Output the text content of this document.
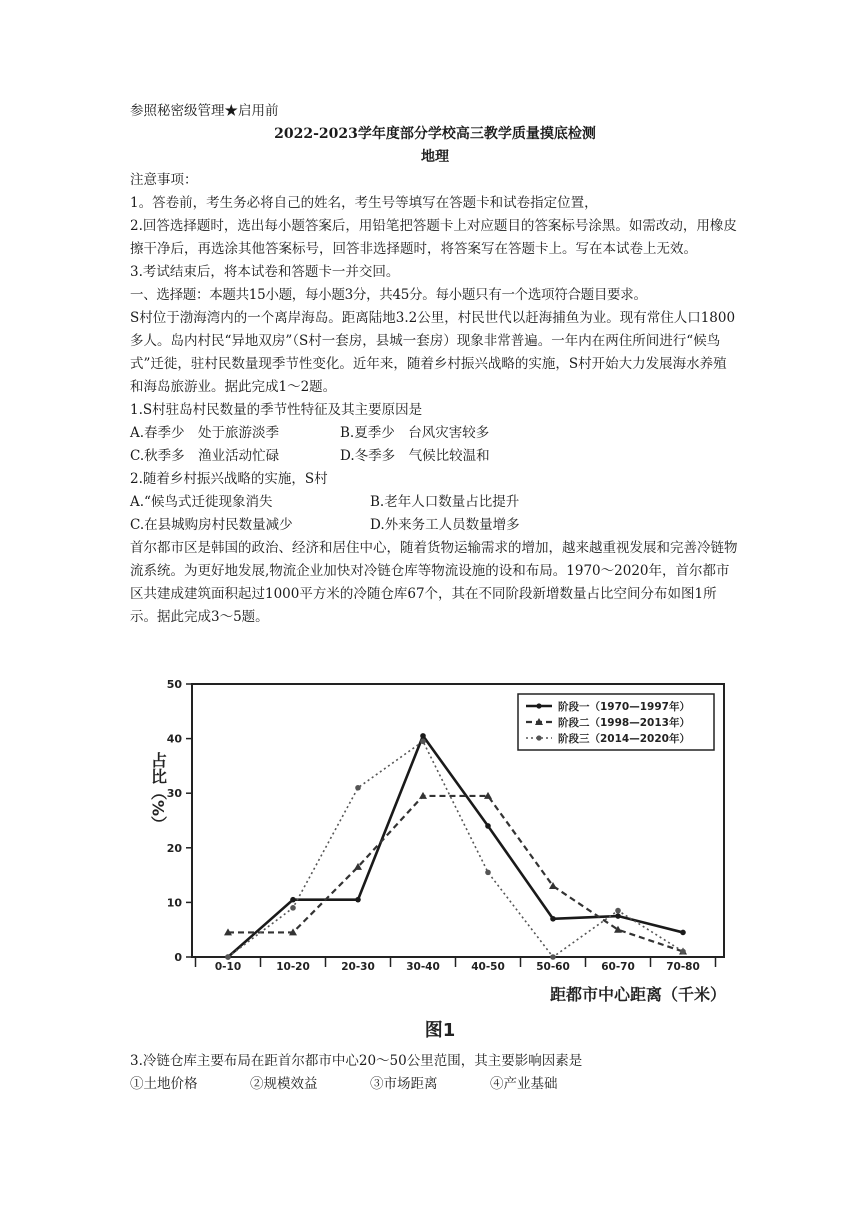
参照秘密级管理★启用前
2022-2023学年度部分学校高三教学质量摸底检测
地理
注意事项：
1。答卷前，考生务必将自己的姓名，考生号等填写在答题卡和试卷指定位置，
2.回答选择题时，选出每小题答案后，用铅笔把答题卡上对应题目的答案标号涂黑。如需改动，用橡皮擦干净后，再选涂其他答案标号，回答非选择题时，将答案写在答题卡上。写在本试卷上无效。
3.考试结束后，将本试卷和答题卡一并交回。
一、选择题：本题共15小题，每小题3分，共45分。每小题只有一个选项符合题目要求。
S村位于渤海湾内的一个离岸海岛。距离陆地3.2公里，村民世代以赶海捕鱼为业。现有常住人口1800多人。岛内村民“异地双房”（S村一套房，县城一套房）现象非常普遍。一年内在两住所间进行“候鸟式”迁徙，驻村民数量现季节性变化。近年来，随着乡村振兴战略的实施，S村开始大力发展海水养殖和海岛旅游业。据此完成1～2题。
1.S村驻岛村民数量的季节性特征及其主要原因是
A.春季少　处于旅游淡季	B.夏季少　台风灾害较多
C.秋季多　渔业活动忙碌	D.冬季多　气候比较温和
2.随着乡村振兴战略的实施，S村
A.“候鸟式迁徙现象消失	B.老年人口数量占比提升
C.在县城购房村民数量减少	D.外来务工人员数量增多
首尔都市区是韩国的政治、经济和居住中心，随着货物运输需求的增加，越来越重视发展和完善冷链物流系统。为更好地发展,物流企业加快对冷链仓库等物流设施的设和布局。1970～2020年，首尔都市区共建成建筑面积起过1000平方米的冷随仓库67个，其在不同阶段新增数量占比空间分布如图1所示。据此完成3～5题。
占比（%）
距都市中心距离（千米）
图1
0
10
20
30
40
50
0-10	10-20	20-30	30-40	40-50	50-60	60-70	70-80
阶段一（1970—1997年）
阶段二（1998—2013年）
阶段三（2014—2020年）
3.冷链仓库主要布局在距首尔都市中心20～50公里范围，其主要影响因素是
①土地价格	②规模效益	③市场距离	④产业基础
